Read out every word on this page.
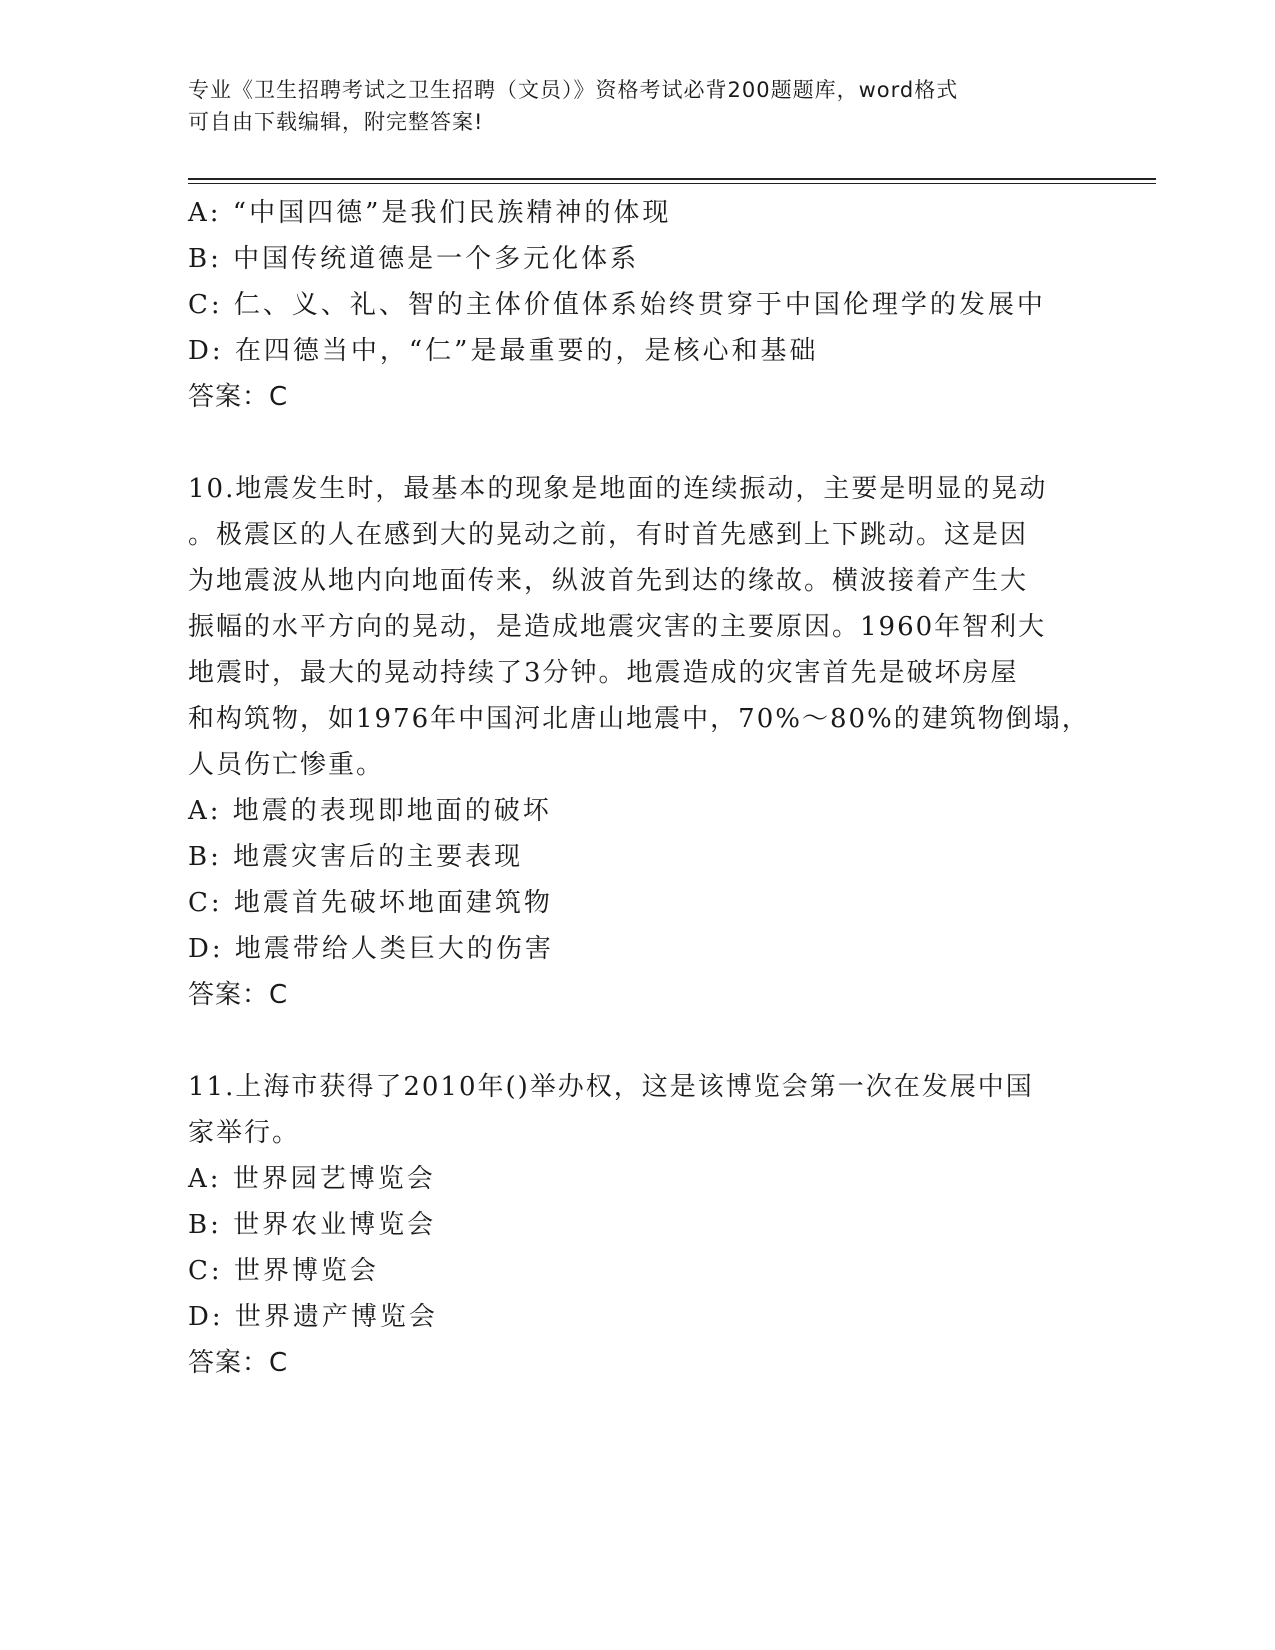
专业《卫生招聘考试之卫生招聘（文员）》资格考试必背200题题库，word格式
可自由下载编辑，附完整答案!
A: “中国四德”是我们民族精神的体现
B: 中国传统道德是一个多元化体系
C: 仁、义、礼、智的主体价值体系始终贯穿于中国伦理学的发展中
D: 在四德当中，“仁”是最重要的，是核心和基础
答案：C
10.地震发生时，最基本的现象是地面的连续振动，主要是明显的晃动
。极震区的人在感到大的晃动之前，有时首先感到上下跳动。这是因
为地震波从地内向地面传来，纵波首先到达的缘故。横波接着产生大
振幅的水平方向的晃动，是造成地震灾害的主要原因。1960年智利大
地震时，最大的晃动持续了3分钟。地震造成的灾害首先是破坏房屋
和构筑物，如1976年中国河北唐山地震中，70%～80%的建筑物倒塌，
人员伤亡惨重。
A: 地震的表现即地面的破坏
B: 地震灾害后的主要表现
C: 地震首先破坏地面建筑物
D: 地震带给人类巨大的伤害
答案：C
11.上海市获得了2010年()举办权，这是该博览会第一次在发展中国
家举行。
A: 世界园艺博览会
B: 世界农业博览会
C: 世界博览会
D: 世界遗产博览会
答案：C
